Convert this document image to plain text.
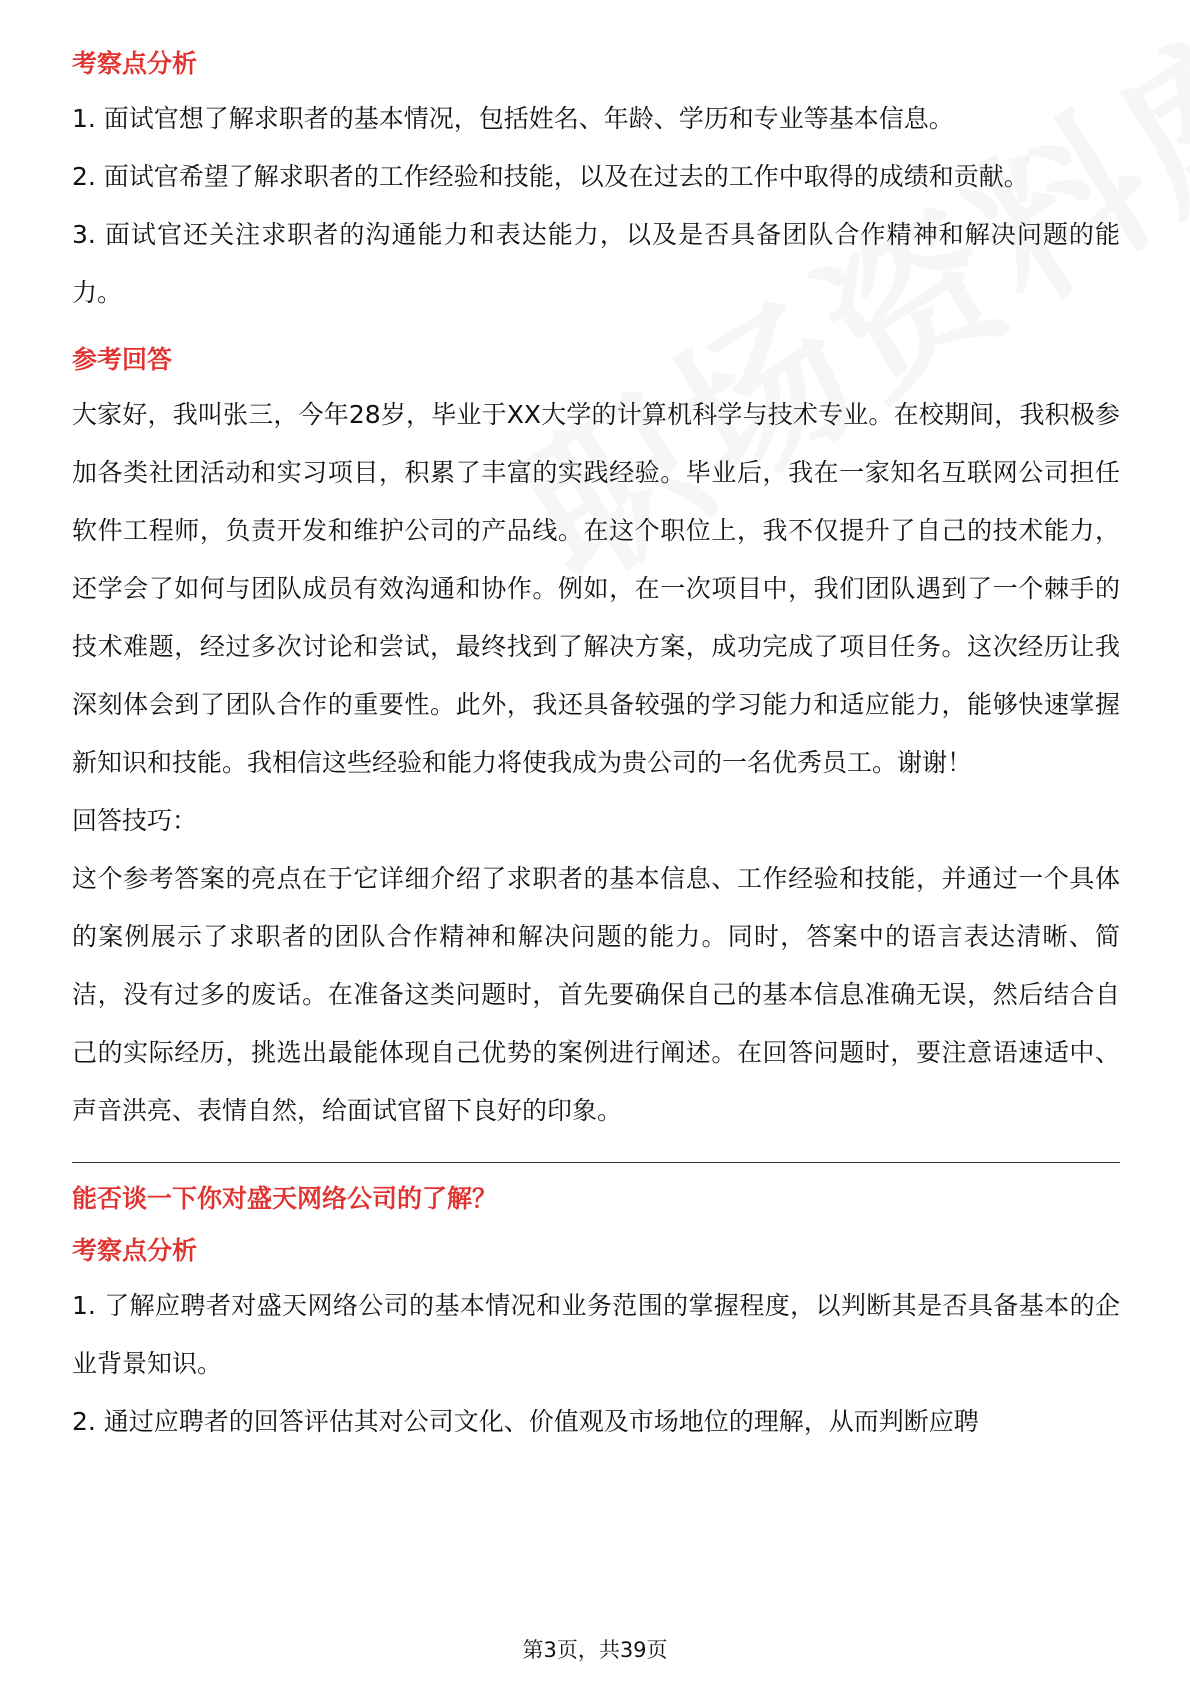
考察点分析

1. 面试官想了解求职者的基本情况，包括姓名、年龄、学历和专业等基本信息。

2. 面试官希望了解求职者的工作经验和技能，以及在过去的工作中取得的成绩和贡献。

3. 面试官还关注求职者的沟通能力和表达能力，以及是否具备团队合作精神和解决问题的能力。

参考回答

大家好，我叫张三，今年28岁，毕业于XX大学的计算机科学与技术专业。在校期间，我积极参加各类社团活动和实习项目，积累了丰富的实践经验。毕业后，我在一家知名互联网公司担任软件工程师，负责开发和维护公司的产品线。在这个职位上，我不仅提升了自己的技术能力，还学会了如何与团队成员有效沟通和协作。例如，在一次项目中，我们团队遇到了一个棘手的技术难题，经过多次讨论和尝试，最终找到了解决方案，成功完成了项目任务。这次经历让我深刻体会到了团队合作的重要性。此外，我还具备较强的学习能力和适应能力，能够快速掌握新知识和技能。我相信这些经验和能力将使我成为贵公司的一名优秀员工。谢谢！

回答技巧：

这个参考答案的亮点在于它详细介绍了求职者的基本信息、工作经验和技能，并通过一个具体的案例展示了求职者的团队合作精神和解决问题的能力。同时，答案中的语言表达清晰、简洁，没有过多的废话。在准备这类问题时，首先要确保自己的基本信息准确无误，然后结合自己的实际经历，挑选出最能体现自己优势的案例进行阐述。在回答问题时，要注意语速适中、声音洪亮、表情自然，给面试官留下良好的印象。

能否谈一下你对盛天网络公司的了解？
考察点分析

1. 了解应聘者对盛天网络公司的基本情况和业务范围的掌握程度，以判断其是否具备基本的企业背景知识。

2. 通过应聘者的回答评估其对公司文化、价值观及市场地位的理解，从而判断应聘

第3页，共39页
